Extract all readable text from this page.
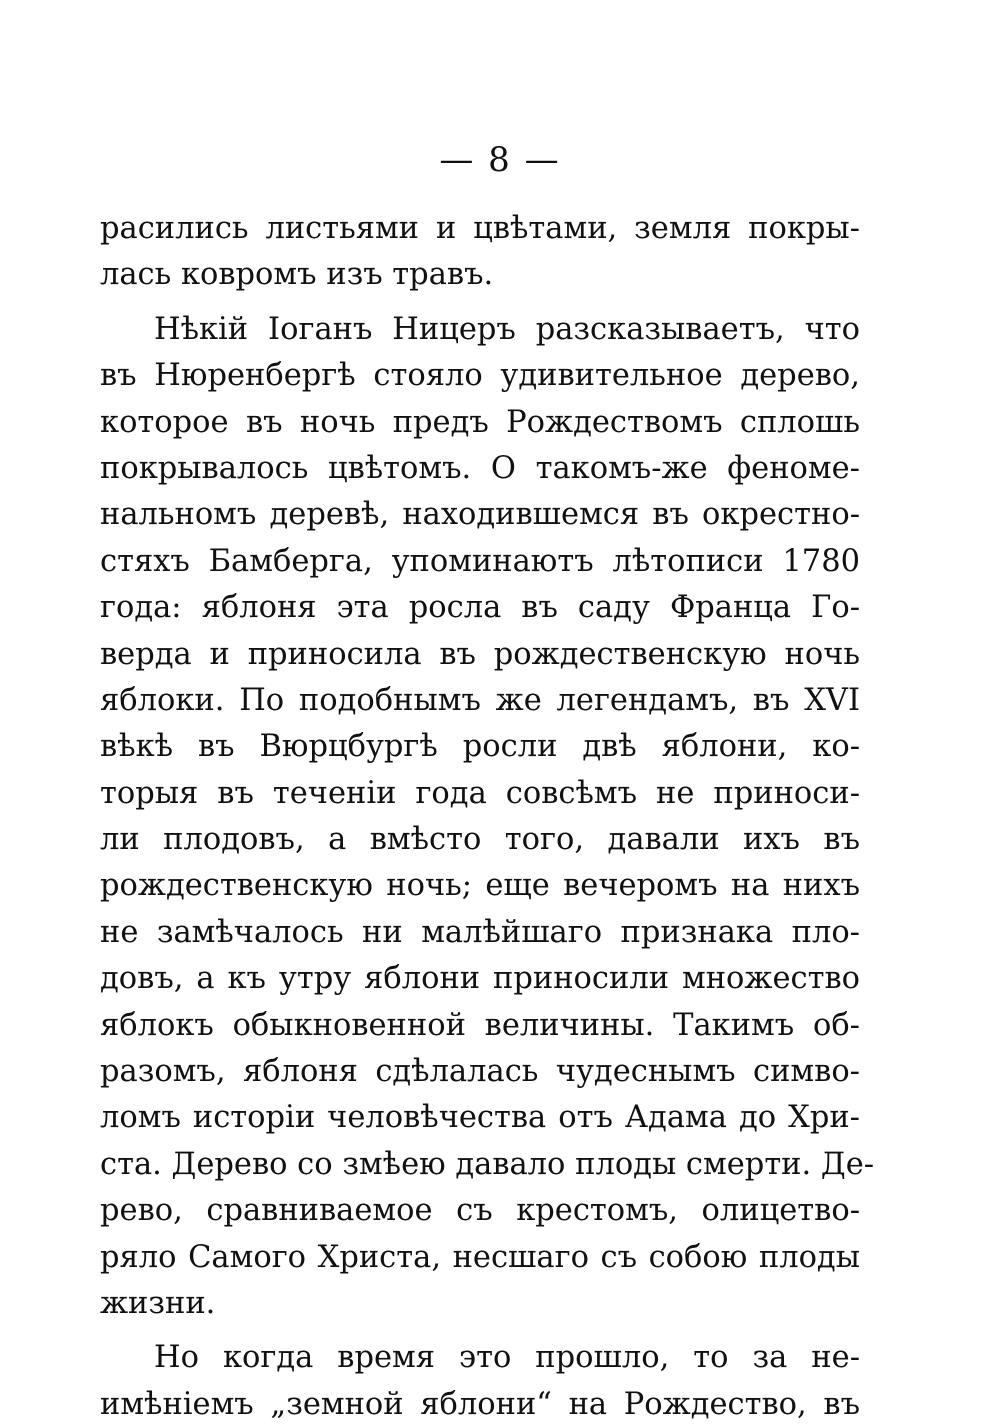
— 8 —
расились листьями и цвѣтами, земля покры-
лась ковромъ изъ травъ.
Нѣкій Іоганъ Ницеръ разсказываетъ, что
въ Нюренбергѣ стояло удивительное дерево,
которое въ ночь предъ Рождествомъ сплошь
покрывалось цвѣтомъ. О такомъ-же феноме-
нальномъ деревѣ, находившемся въ окрестно-
стяхъ Бамберга, упоминаютъ лѣтописи 1780
года: яблоня эта росла въ саду Франца Го-
верда и приносила въ рождественскую ночь
яблоки. По подобнымъ же легендамъ, въ XVI
вѣкѣ въ Вюрцбургѣ росли двѣ яблони, ко-
торыя въ теченіи года совсѣмъ не приноси-
ли плодовъ, а вмѣсто того, давали ихъ въ
рождественскую ночь; еще вечеромъ на нихъ
не замѣчалось ни малѣйшаго признака пло-
довъ, а къ утру яблони приносили множество
яблокъ обыкновенной величины. Такимъ об-
разомъ, яблоня сдѣлалась чудеснымъ симво-
ломъ исторіи человѣчества отъ Адама до Хри-
ста. Дерево со змѣею давало плоды смерти. Де-
рево, сравниваемое съ крестомъ, олицетво-
ряло Самого Христа, несшаго съ собою плоды
жизни.
Но когда время это прошло, то за не-
имѣніемъ „земной яблони“ на Рождество, въ
